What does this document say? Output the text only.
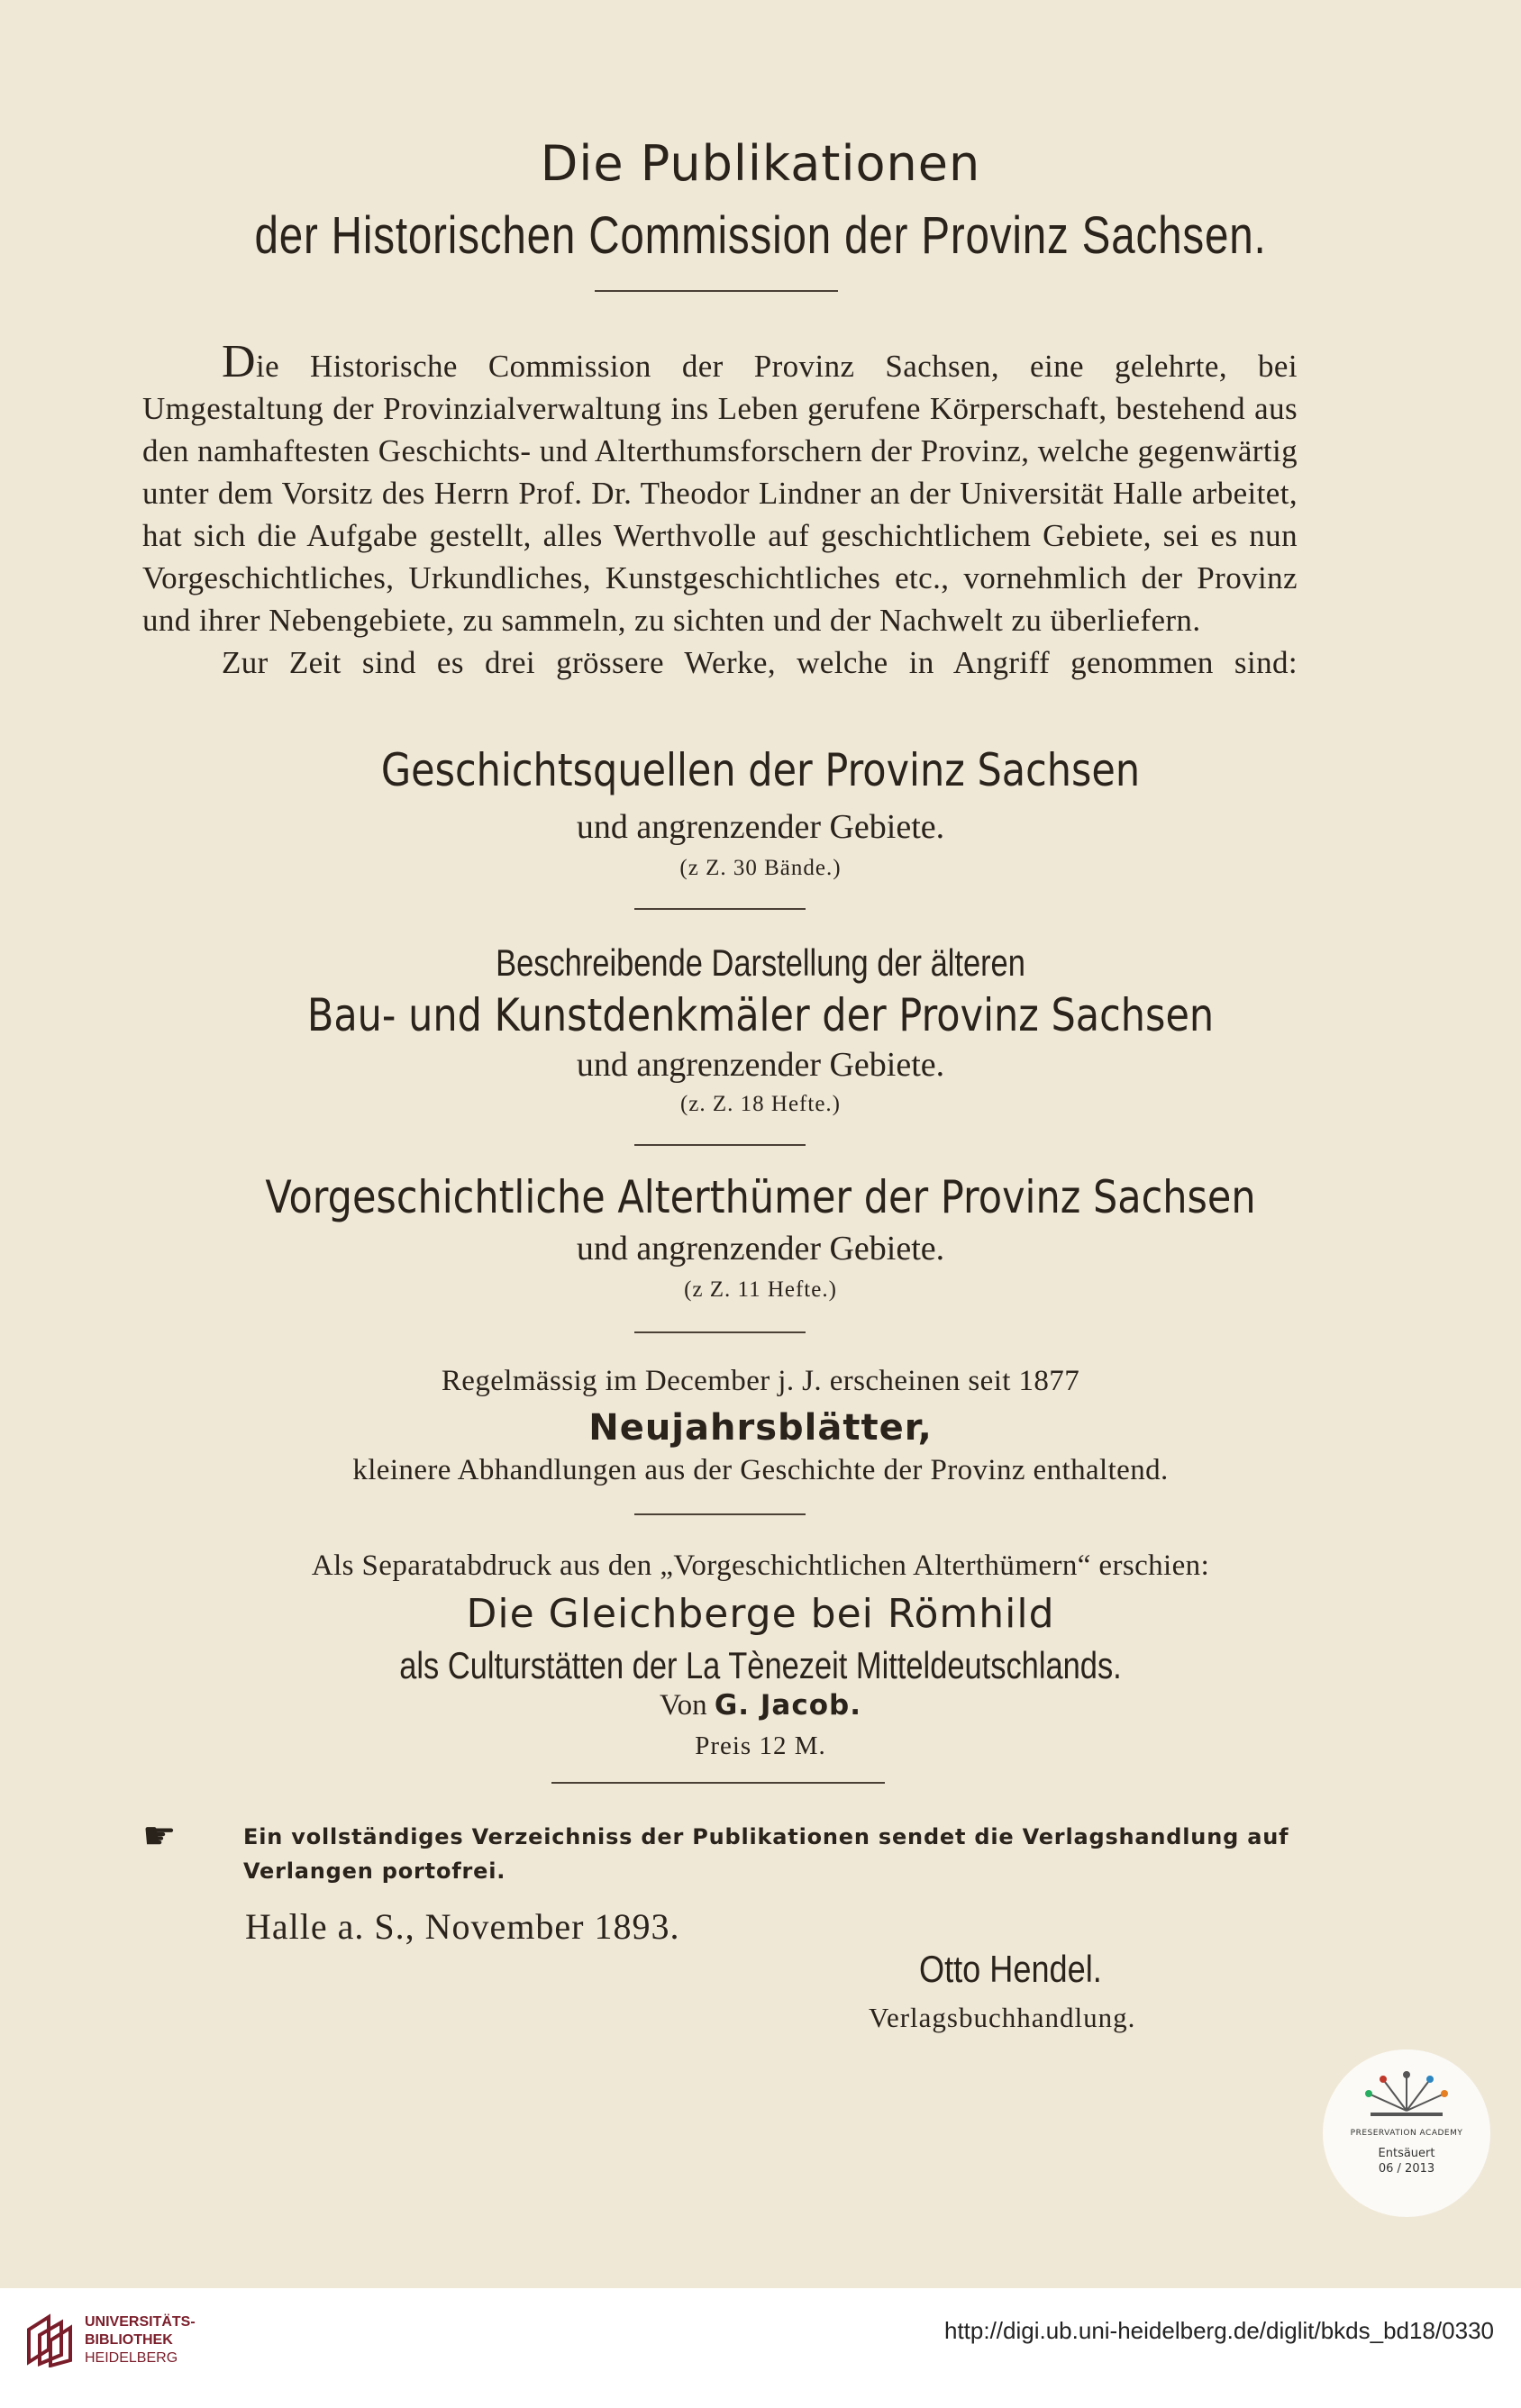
Die Publikationen
der Historischen Commission der Provinz Sachsen.

Die Historische Commission der Provinz Sachsen, eine gelehrte, bei Umgestaltung der Provinzialverwaltung ins Leben gerufene Körperschaft, bestehend aus den namhaftesten Geschichts- und Alterthumsforschern der Provinz, welche gegenwärtig unter dem Vorsitz des Herrn Prof. Dr. Theodor Lindner an der Universität Halle arbeitet, hat sich die Aufgabe gestellt, alles Werthvolle auf geschichtlichem Gebiete, sei es nun Vorgeschichtliches, Urkundliches, Kunstgeschichtliches etc., vornehmlich der Provinz und ihrer Nebengebiete, zu sammeln, zu sichten und der Nachwelt zu überliefern.

Zur Zeit sind es drei grössere Werke, welche in Angriff genommen sind:

Geschichtsquellen der Provinz Sachsen
und angrenzender Gebiete.
(z Z. 30 Bände.)
Beschreibende Darstellung der älteren
Bau- und Kunstdenkmäler der Provinz Sachsen
und angrenzender Gebiete.
(z. Z. 18 Hefte.)
Vorgeschichtliche Alterthümer der Provinz Sachsen
und angrenzender Gebiete.
(z Z. 11 Hefte.)
Regelmässig im December j. J. erscheinen seit 1877
Neujahrsblätter,
kleinere Abhandlungen aus der Geschichte der Provinz enthaltend.
Als Separatabdruck aus den „Vorgeschichtlichen Alterthümern“ erschien:
Die Gleichberge bei Römhild
als Culturstätten der La Tènezeit Mitteldeutschlands.
Von G. Jacob.
Preis 12 M.
☛	Ein vollständiges Verzeichniss der Publikationen sendet die Verlagshandlung auf Verlangen portofrei.
Halle a. S., November 1893.
Otto Hendel.
Verlagsbuchhandlung.
PRESERVATION ACADEMY
Entsäuert
06 / 2013
UNIVERSITÄTS-
BIBLIOTHEK
HEIDELBERG
http://digi.ub.uni-heidelberg.de/diglit/bkds_bd18/0330
